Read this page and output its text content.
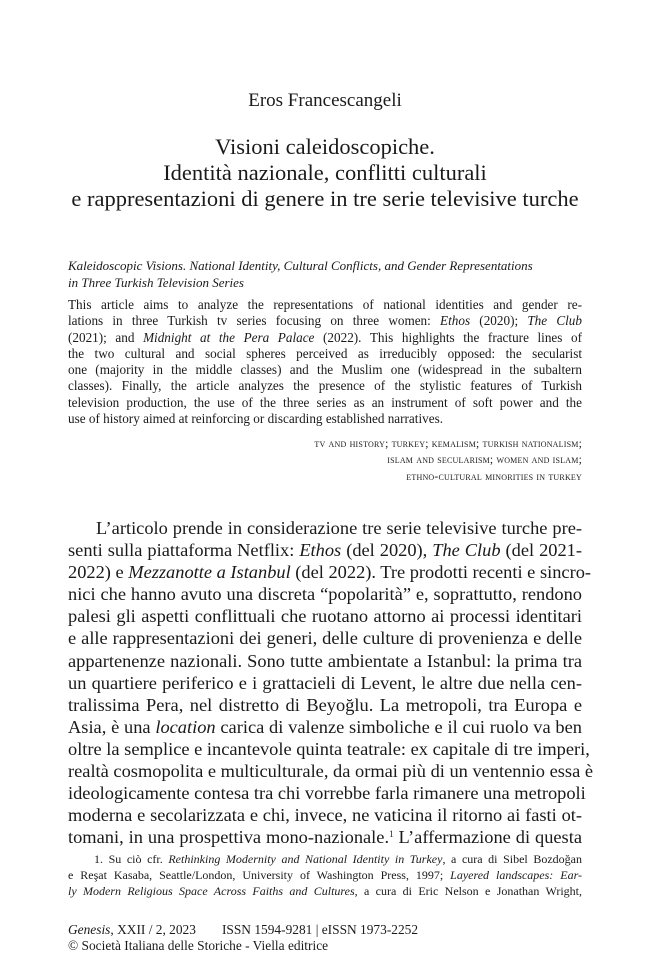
Eros Francescangeli
Visioni caleidoscopiche.
Identità nazionale, conflitti culturali
e rappresentazioni di genere in tre serie televisive turche
Kaleidoscopic Visions. National Identity, Cultural Conflicts, and Gender Representations
in Three Turkish Television Series
This article aims to analyze the representations of national identities and gender re-
lations in three Turkish tv series focusing on three women: Ethos (2020); The Club
(2021); and Midnight at the Pera Palace (2022). This highlights the fracture lines of
the two cultural and social spheres perceived as irreducibly opposed: the secularist
one (majority in the middle classes) and the Muslim one (widespread in the subaltern
classes). Finally, the article analyzes the presence of the stylistic features of Turkish
television production, the use of the three series as an instrument of soft power and the
use of history aimed at reinforcing or discarding established narratives.
tv and history; turkey; kemalism; turkish nationalism;
islam and secularism; women and islam;
ethno-cultural minorities in turkey
L’articolo prende in considerazione tre serie televisive turche pre-
senti sulla piattaforma Netflix: Ethos (del 2020), The Club (del 2021-
2022) e Mezzanotte a Istanbul (del 2022). Tre prodotti recenti e sincro-
nici che hanno avuto una discreta “popolarità” e, soprattutto, rendono
palesi gli aspetti conflittuali che ruotano attorno ai processi identitari
e alle rappresentazioni dei generi, delle culture di provenienza e delle
appartenenze nazionali. Sono tutte ambientate a Istanbul: la prima tra
un quartiere periferico e i grattacieli di Levent, le altre due nella cen-
tralissima Pera, nel distretto di Beyoğlu. La metropoli, tra Europa e
Asia, è una location carica di valenze simboliche e il cui ruolo va ben
oltre la semplice e incantevole quinta teatrale: ex capitale di tre imperi,
realtà cosmopolita e multiculturale, da ormai più di un ventennio essa è
ideologicamente contesa tra chi vorrebbe farla rimanere una metropoli
moderna e secolarizzata e chi, invece, ne vaticina il ritorno ai fasti ot-
tomani, in una prospettiva mono-nazionale.$^1$ L’affermazione di questa
1. Su ciò cfr. Rethinking Modernity and National Identity in Turkey, a cura di Sibel Bozdoğan
e Reşat Kasaba, Seattle/London, University of Washington Press, 1997; Layered landscapes: Ear-
ly Modern Religious Space Across Faiths and Cultures, a cura di Eric Nelson e Jonathan Wright,
Genesis, XXII / 2, 2023 ISSN 1594-9281 | eISSN 1973-2252
© Società Italiana delle Storiche - Viella editrice
